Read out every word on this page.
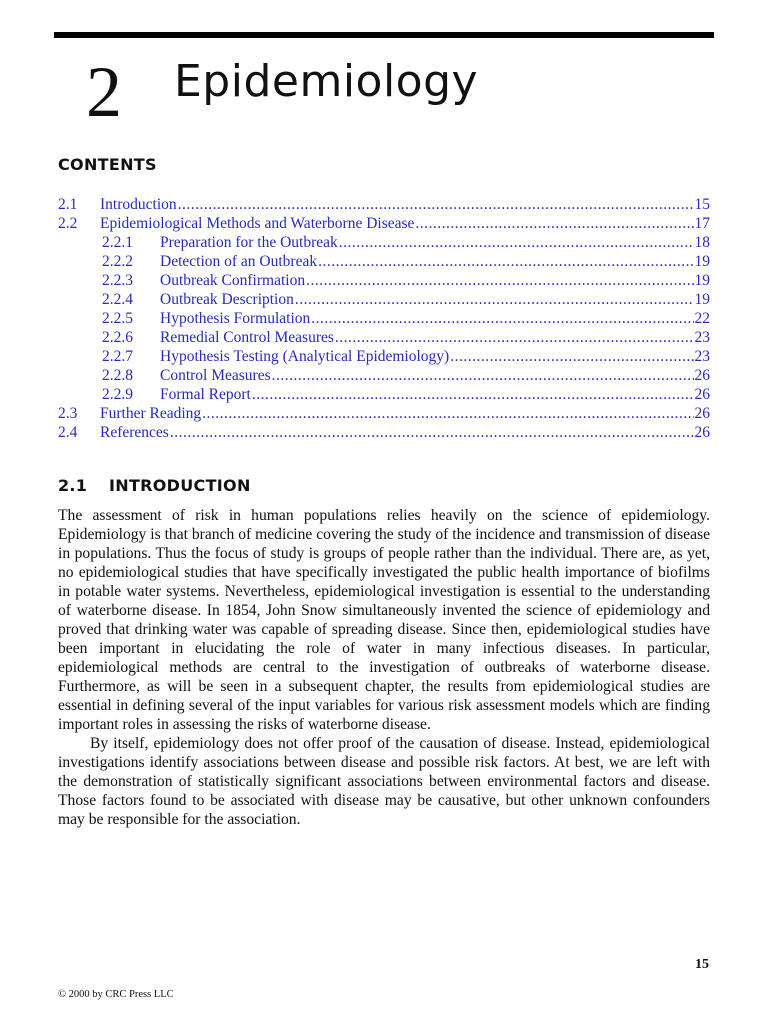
2 Epidemiology
CONTENTS
2.1	Introduction .....	15
2.2	Epidemiological Methods and Waterborne Disease .....	17
2.2.1	Preparation for the Outbreak .....	18
2.2.2	Detection of an Outbreak .....	19
2.2.3	Outbreak Confirmation .....	19
2.2.4	Outbreak Description .....	19
2.2.5	Hypothesis Formulation .....	22
2.2.6	Remedial Control Measures .....	23
2.2.7	Hypothesis Testing (Analytical Epidemiology) .....	23
2.2.8	Control Measures .....	26
2.2.9	Formal Report .....	26
2.3	Further Reading .....	26
2.4	References .....	26
2.1 INTRODUCTION

The assessment of risk in human populations relies heavily on the science of epidemiology. Epidemiology is that branch of medicine covering the study of the incidence and transmission of disease in populations. Thus the focus of study is groups of people rather than the individual. There are, as yet, no epidemiological studies that have specifically investigated the public health importance of biofilms in potable water systems. Nevertheless, epidemiological investigation is essential to the understanding of waterborne disease. In 1854, John Snow simultaneously invented the science of epidemiology and proved that drinking water was capable of spreading disease. Since then, epidemiological studies have been important in elucidating the role of water in many infectious diseases. In particular, epidemiological methods are central to the investigation of outbreaks of waterborne disease. Furthermore, as will be seen in a subsequent chapter, the results from epidemiological studies are essential in defining several of the input variables for various risk assessment models which are finding important roles in assessing the risks of waterborne disease.

By itself, epidemiology does not offer proof of the causation of disease. Instead, epidemiological investigations identify associations between disease and possible risk factors. At best, we are left with the demonstration of statistically significant associations between environmental factors and disease. Those factors found to be associated with disease may be causative, but other unknown confounders may be responsible for the association.

15
© 2000 by CRC Press LLC
